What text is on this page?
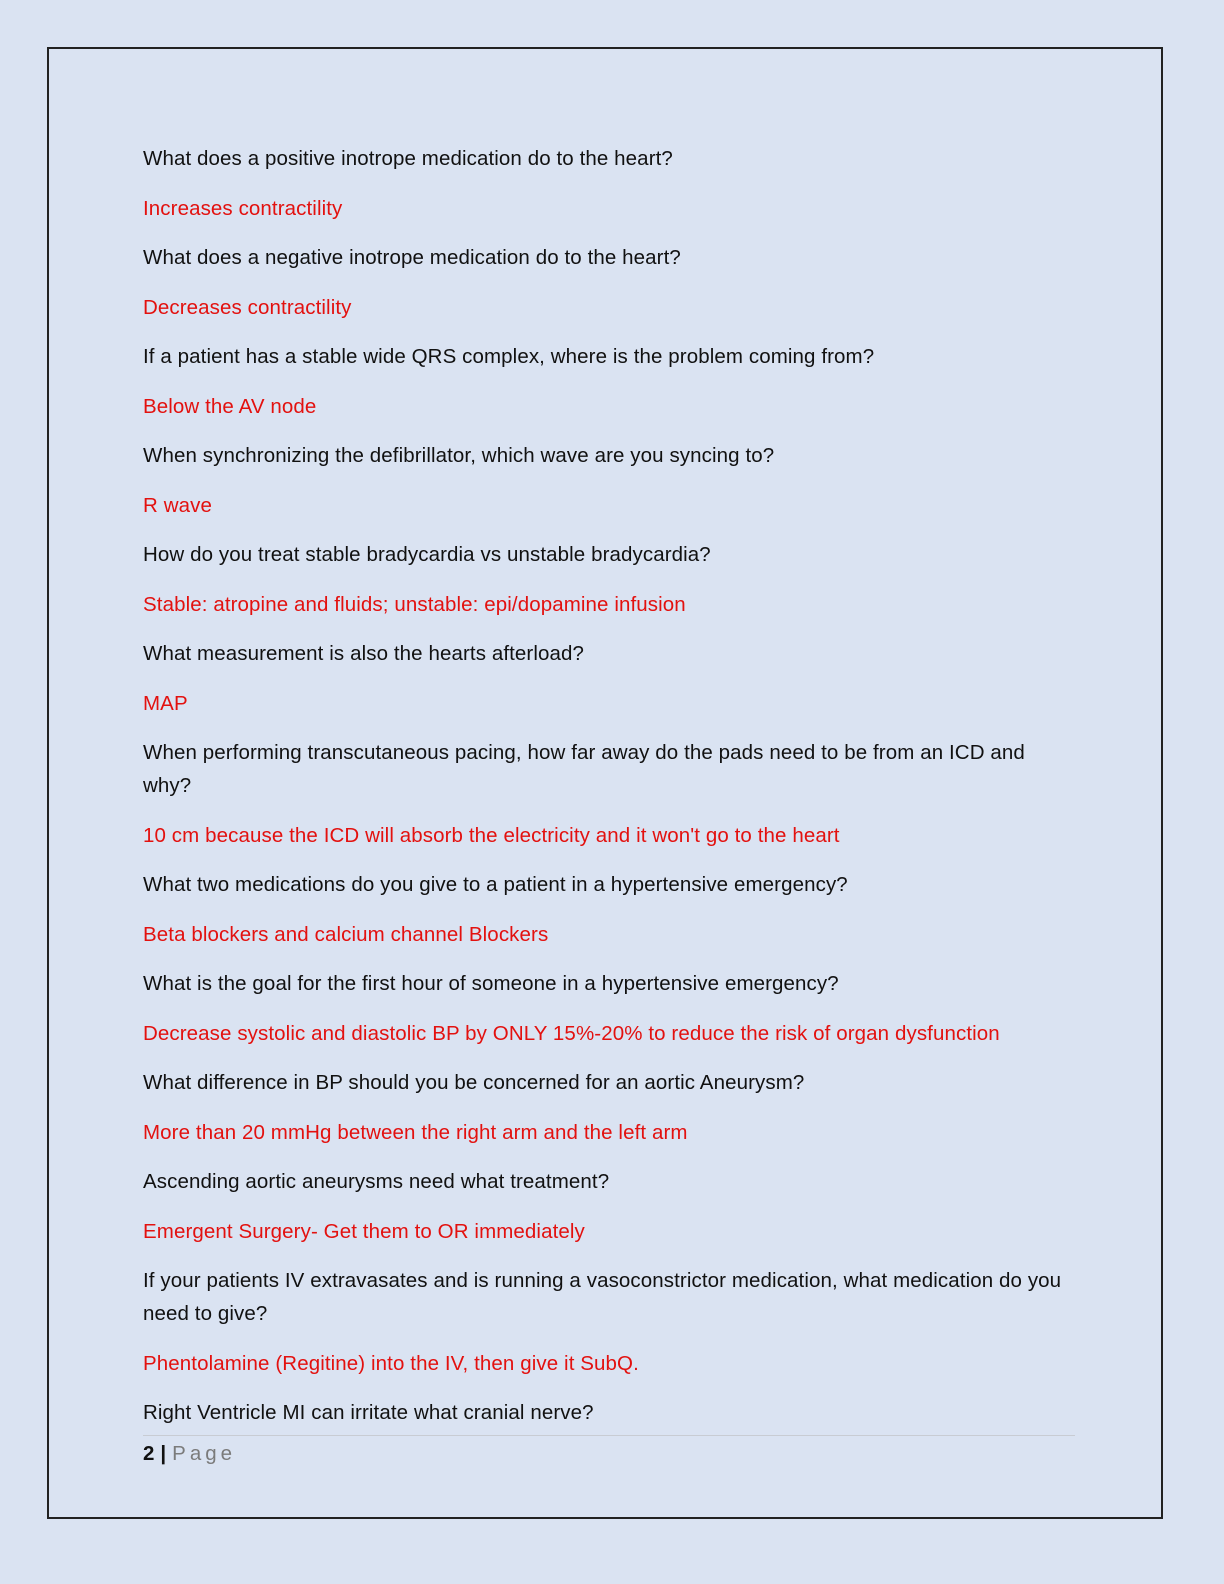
What does a positive inotrope medication do to the heart?

Increases contractility

What does a negative inotrope medication do to the heart?

Decreases contractility

If a patient has a stable wide QRS complex, where is the problem coming from?

Below the AV node

When synchronizing the defibrillator, which wave are you syncing to?

R wave

How do you treat stable bradycardia vs unstable bradycardia?

Stable: atropine and fluids; unstable: epi/dopamine infusion

What measurement is also the hearts afterload?

MAP

When performing transcutaneous pacing, how far away do the pads need to be from an ICD and why?

10 cm because the ICD will absorb the electricity and it won't go to the heart

What two medications do you give to a patient in a hypertensive emergency?

Beta blockers and calcium channel Blockers

What is the goal for the first hour of someone in a hypertensive emergency?

Decrease systolic and diastolic BP by ONLY 15%-20% to reduce the risk of organ dysfunction

What difference in BP should you be concerned for an aortic Aneurysm?

More than 20 mmHg between the right arm and the left arm

Ascending aortic aneurysms need what treatment?

Emergent Surgery- Get them to OR immediately

If your patients IV extravasates and is running a vasoconstrictor medication, what medication do you need to give?

Phentolamine (Regitine) into the IV, then give it SubQ.

Right Ventricle MI can irritate what cranial nerve?

2 | Page
